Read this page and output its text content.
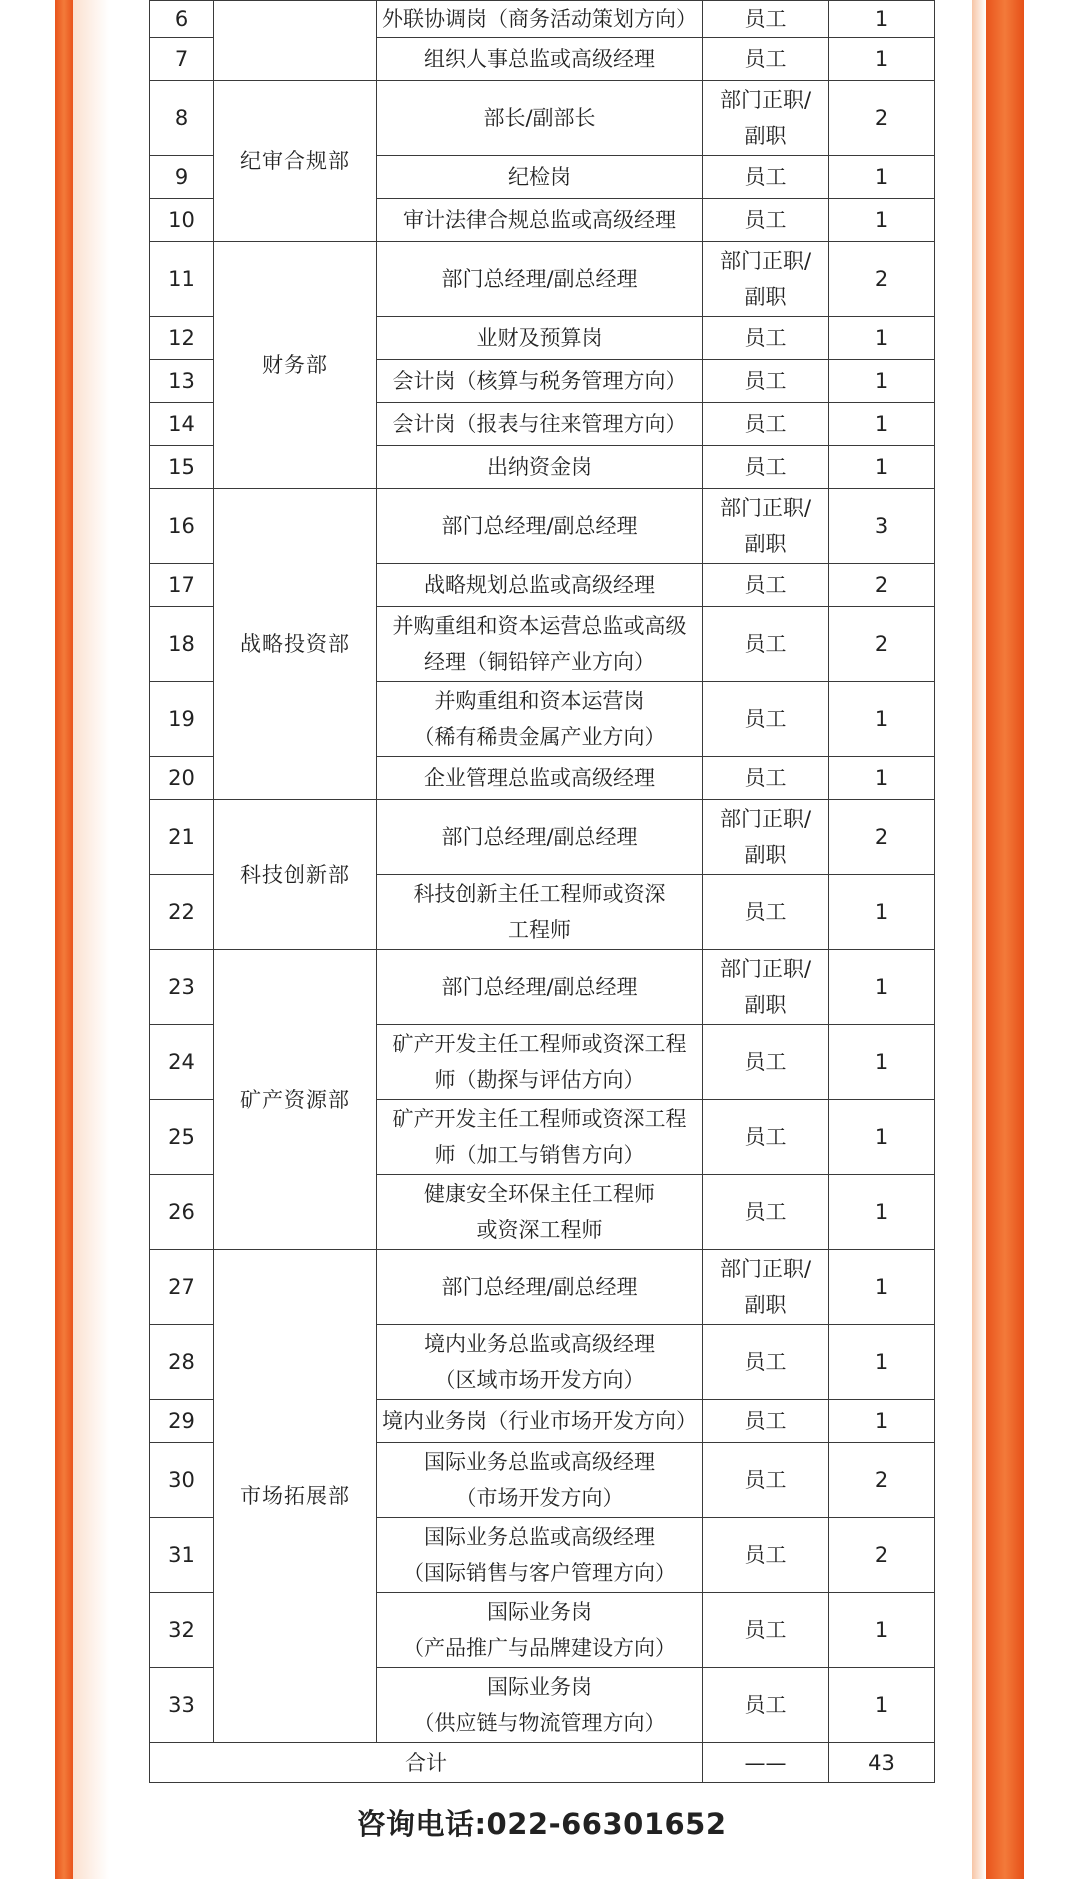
6		外联协调岗（商务活动策划方向）	员工	1
7		组织人事总监或高级经理	员工	1
8	纪审合规部	部长/副部长	部门正职/
副职	2
9		纪检岗	员工	1
10		审计法律合规总监或高级经理	员工	1
11	财务部	部门总经理/副总经理	部门正职/
副职	2
12		业财及预算岗	员工	1
13		会计岗（核算与税务管理方向）	员工	1
14		会计岗（报表与往来管理方向）	员工	1
15		出纳资金岗	员工	1
16	战略投资部	部门总经理/副总经理	部门正职/
副职	3
17		战略规划总监或高级经理	员工	2
18		并购重组和资本运营总监或高级
经理（铜铅锌产业方向）	员工	2
19		并购重组和资本运营岗
（稀有稀贵金属产业方向）	员工	1
20		企业管理总监或高级经理	员工	1
21	科技创新部	部门总经理/副总经理	部门正职/
副职	2
22		科技创新主任工程师或资深
工程师	员工	1
23	矿产资源部	部门总经理/副总经理	部门正职/
副职	1
24		矿产开发主任工程师或资深工程
师（勘探与评估方向）	员工	1
25		矿产开发主任工程师或资深工程
师（加工与销售方向）	员工	1
26		健康安全环保主任工程师
或资深工程师	员工	1
27	市场拓展部	部门总经理/副总经理	部门正职/
副职	1
28		境内业务总监或高级经理
（区域市场开发方向）	员工	1
29		境内业务岗（行业市场开发方向）	员工	1
30		国际业务总监或高级经理
（市场开发方向）	员工	2
31		国际业务总监或高级经理
（国际销售与客户管理方向）	员工	2
32		国际业务岗
（产品推广与品牌建设方向）	员工	1
33		国际业务岗
（供应链与物流管理方向）	员工	1
合计			——	43
咨询电话:022-66301652
